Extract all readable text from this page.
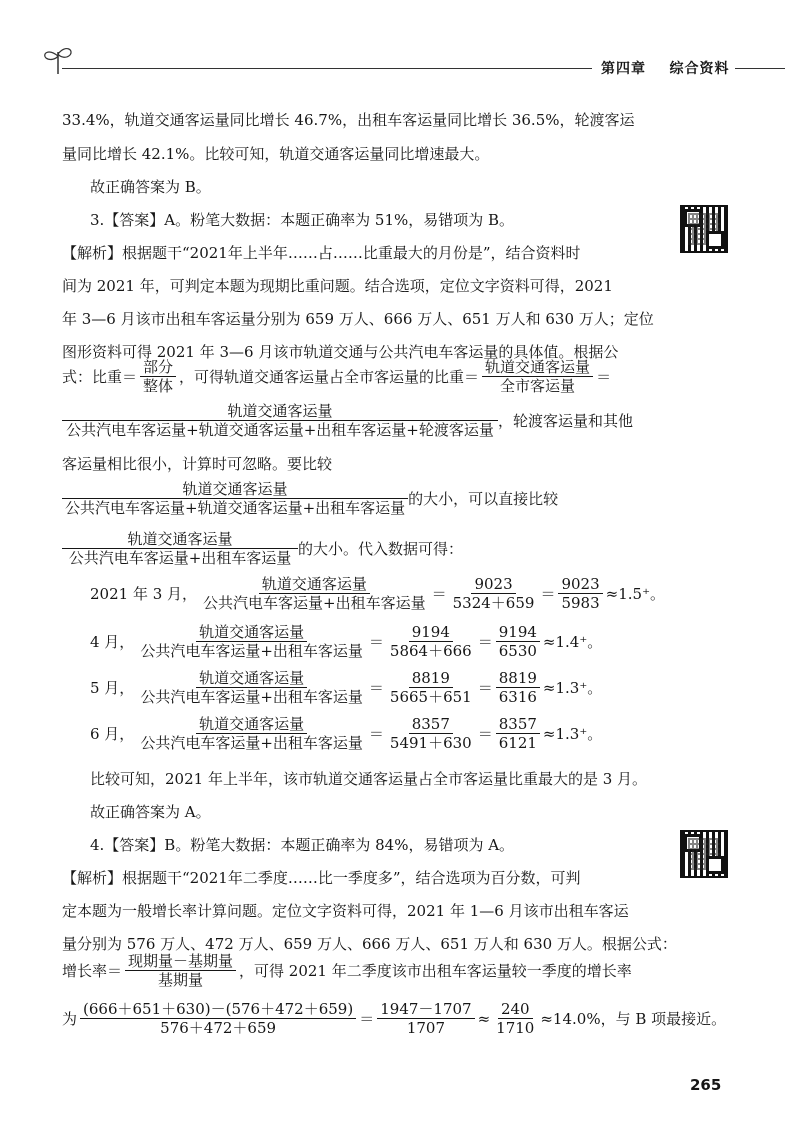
第四章 综合资料
33.4%，轨道交通客运量同比增长 46.7%，出租车客运量同比增长 36.5%，轮渡客运
量同比增长 42.1%。比较可知，轨道交通客运量同比增速最大。
故正确答案为 B。
3.【答案】A。粉笔大数据：本题正确率为 51%，易错项为 B。
【解析】根据题干“2021年上半年……占……比重最大的月份是”，结合资料时
间为 2021 年，可判定本题为现期比重问题。结合选项，定位文字资料可得，2021
年 3—6 月该市出租车客运量分别为 659 万人、666 万人、651 万人和 630 万人；定位
图形资料可得 2021 年 3—6 月该市轨道交通与公共汽电车客运量的具体值。根据公
式：比重＝ $\frac{\text{部分}}{\text{整体}}$ ，可得轨道交通客运量占全市客运量的比重＝ $\frac{\text{轨道交通客运量}}{\text{全市客运量}}$ ＝
$\frac{\text{轨道交通客运量}}{\text{公共汽电车客运量+轨道交通客运量+出租车客运量+轮渡客运量}}$ ，轮渡客运量和其他
客运量相比很小，计算时可忽略。要比较
$\frac{\text{轨道交通客运量}}{\text{公共汽电车客运量+轨道交通客运量+出租车客运量}}$ 的大小，可以直接比较
$\frac{\text{轨道交通客运量}}{\text{公共汽电车客运量+出租车客运量}}$ 的大小。代入数据可得：
2021 年 3 月， $\frac{\text{轨道交通客运量}}{\text{公共汽电车客运量+出租车客运量}} = \frac{9023}{5324+659} = \frac{9023}{5983} \approx 1.5^+$。
4 月， $\frac{\text{轨道交通客运量}}{\text{公共汽电车客运量+出租车客运量}} = \frac{9194}{5864+666} = \frac{9194}{6530} \approx 1.4^+$。
5 月， $\frac{\text{轨道交通客运量}}{\text{公共汽电车客运量+出租车客运量}} = \frac{8819}{5665+651} = \frac{8819}{6316} \approx 1.3^+$。
6 月， $\frac{\text{轨道交通客运量}}{\text{公共汽电车客运量+出租车客运量}} = \frac{8357}{5491+630} = \frac{8357}{6121} \approx 1.3^+$。
比较可知，2021 年上半年，该市轨道交通客运量占全市客运量比重最大的是 3 月。
故正确答案为 A。
4.【答案】B。粉笔大数据：本题正确率为 84%，易错项为 A。
【解析】根据题干“2021年二季度……比一季度多”，结合选项为百分数，可判
定本题为一般增长率计算问题。定位文字资料可得，2021 年 1—6 月该市出租车客运
量分别为 576 万人、472 万人、659 万人、666 万人、651 万人和 630 万人。根据公式：
增长率＝ $\frac{\text{现期量－基期量}}{\text{基期量}}$ ，可得 2021 年二季度该市出租车客运量较一季度的增长率
为 $\frac{(666+651+630)-(576+472+659)}{576+472+659} = \frac{1947-1707}{1707} \approx \frac{240}{1710} \approx 14.0\%$，与 B 项最接近。
265
